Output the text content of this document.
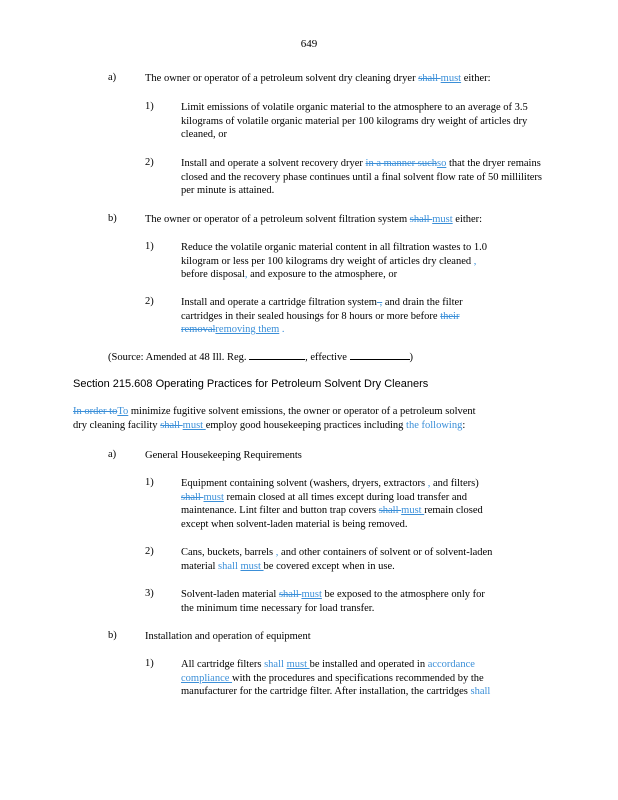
649
a)	The owner or operator of a petroleum solvent dry cleaning dryer shall must either:
1)	Limit emissions of volatile organic material to the atmosphere to an average of 3.5 kilograms of volatile organic material per 100 kilograms dry weight of articles dry cleaned, or
2)	Install and operate a solvent recovery dryer in a manner suchso that the dryer remains closed and the recovery phase continues until a final solvent flow rate of 50 milliliters per minute is attained.
b)	The owner or operator of a petroleum solvent filtration system shall must either:
1)	Reduce the volatile organic material content in all filtration wastes to 1.0
kilogram or less per 100 kilograms dry weight of articles dry cleaned ,
before disposal, and exposure to the atmosphere, or
2)	Install and operate a cartridge filtration system , and drain the filter
cartridges in their sealed housings for 8 hours or more before their
removalremoving them .
(Source: Amended at 48 Ill. Reg.	, effective	)
Section 215.608 Operating Practices for Petroleum Solvent Dry Cleaners
In order toTo minimize fugitive solvent emissions, the owner or operator of a petroleum solvent
dry cleaning facility shall must employ good housekeeping practices including the following:
a)	General Housekeeping Requirements
1)	Equipment containing solvent (washers, dryers, extractors , and filters)
shall must remain closed at all times except during load transfer and
maintenance. Lint filter and button trap covers shall must remain closed
except when solvent-laden material is being removed.
2)	Cans, buckets, barrels , and other containers of solvent or of solvent-laden
material shall must be covered except when in use.
3)	Solvent-laden material shall must be exposed to the atmosphere only for
the minimum time necessary for load transfer.
b)	Installation and operation of equipment
1)	All cartridge filters shall must be installed and operated in accordance
compliance with the procedures and specifications recommended by the
manufacturer for the cartridge filter. After installation, the cartridges shall
